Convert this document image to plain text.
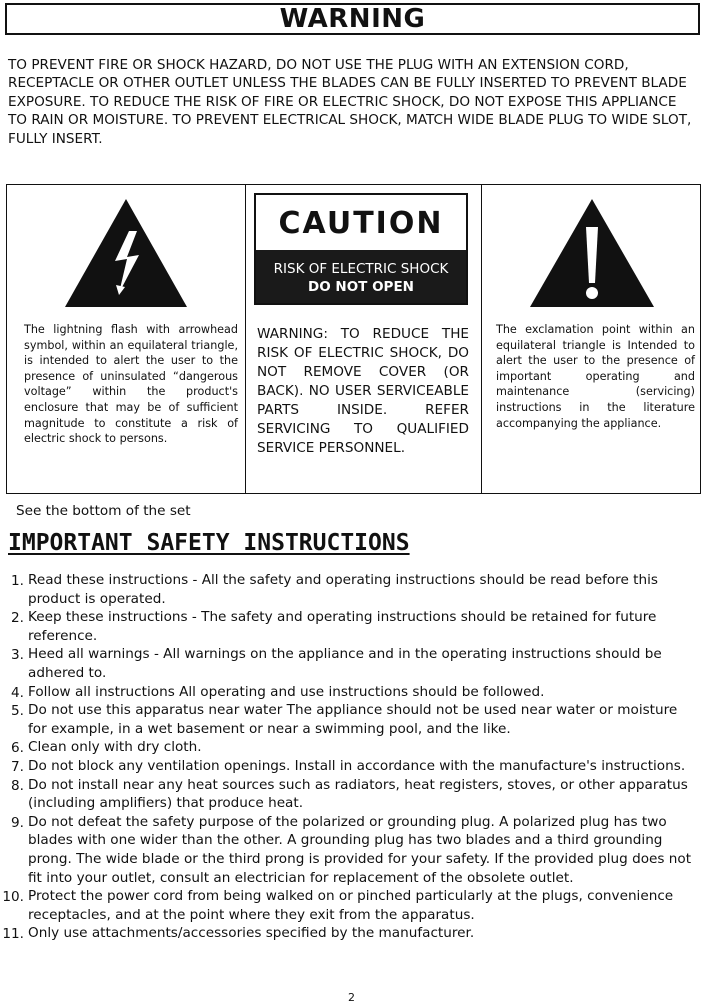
WARNING

TO PREVENT FIRE OR SHOCK HAZARD, DO NOT USE THE PLUG WITH AN EXTENSION CORD, RECEPTACLE OR OTHER OUTLET UNLESS THE BLADES CAN BE FULLY INSERTED TO PREVENT BLADE EXPOSURE. TO REDUCE THE RISK OF FIRE OR ELECTRIC SHOCK, DO NOT EXPOSE THIS APPLIANCE TO RAIN OR MOISTURE. TO PREVENT ELECTRICAL SHOCK, MATCH WIDE BLADE PLUG TO WIDE SLOT, FULLY INSERT.

The lightning flash with arrowhead symbol, within an equilateral triangle, is intended to alert the user to the presence of uninsulated “dangerous voltage” within the product's enclosure that may be of sufficient magnitude to constitute a risk of electric shock to persons.

CAUTION
RISK OF ELECTRIC SHOCK
DO NOT OPEN

WARNING: TO REDUCE THE RISK OF ELECTRIC SHOCK, DO NOT REMOVE COVER (OR BACK). NO USER SERVICEABLE PARTS INSIDE. REFER SERVICING TO QUALIFIED SERVICE PERSONNEL.

The exclamation point within an equilateral triangle is Intended to alert the user to the presence of important operating and maintenance (servicing) instructions in the literature accompanying the appliance.

See the bottom of the set
IMPORTANT SAFETY INSTRUCTIONS
1. Read these instructions - All the safety and operating instructions should be read before this product is operated.
2. Keep these instructions - The safety and operating instructions should be retained for future reference.
3. Heed all warnings - All warnings on the appliance and in the operating instructions should be adhered to.
4. Follow all instructions All operating and use instructions should be followed.
5. Do not use this apparatus near water The appliance should not be used near water or moisture for example, in a wet basement or near a swimming pool, and the like.
6. Clean only with dry cloth.
7. Do not block any ventilation openings. Install in accordance with the manufacture's instructions.
8. Do not install near any heat sources such as radiators, heat registers, stoves, or other apparatus (including amplifiers) that produce heat.
9. Do not defeat the safety purpose of the polarized or grounding plug. A polarized plug has two blades with one wider than the other. A grounding plug has two blades and a third grounding prong. The wide blade or the third prong is provided for your safety. If the provided plug does not fit into your outlet, consult an electrician for replacement of the obsolete outlet.
10. Protect the power cord from being walked on or pinched particularly at the plugs, convenience receptacles, and at the point where they exit from the apparatus.
11. Only use attachments/accessories specified by the manufacturer.
2
